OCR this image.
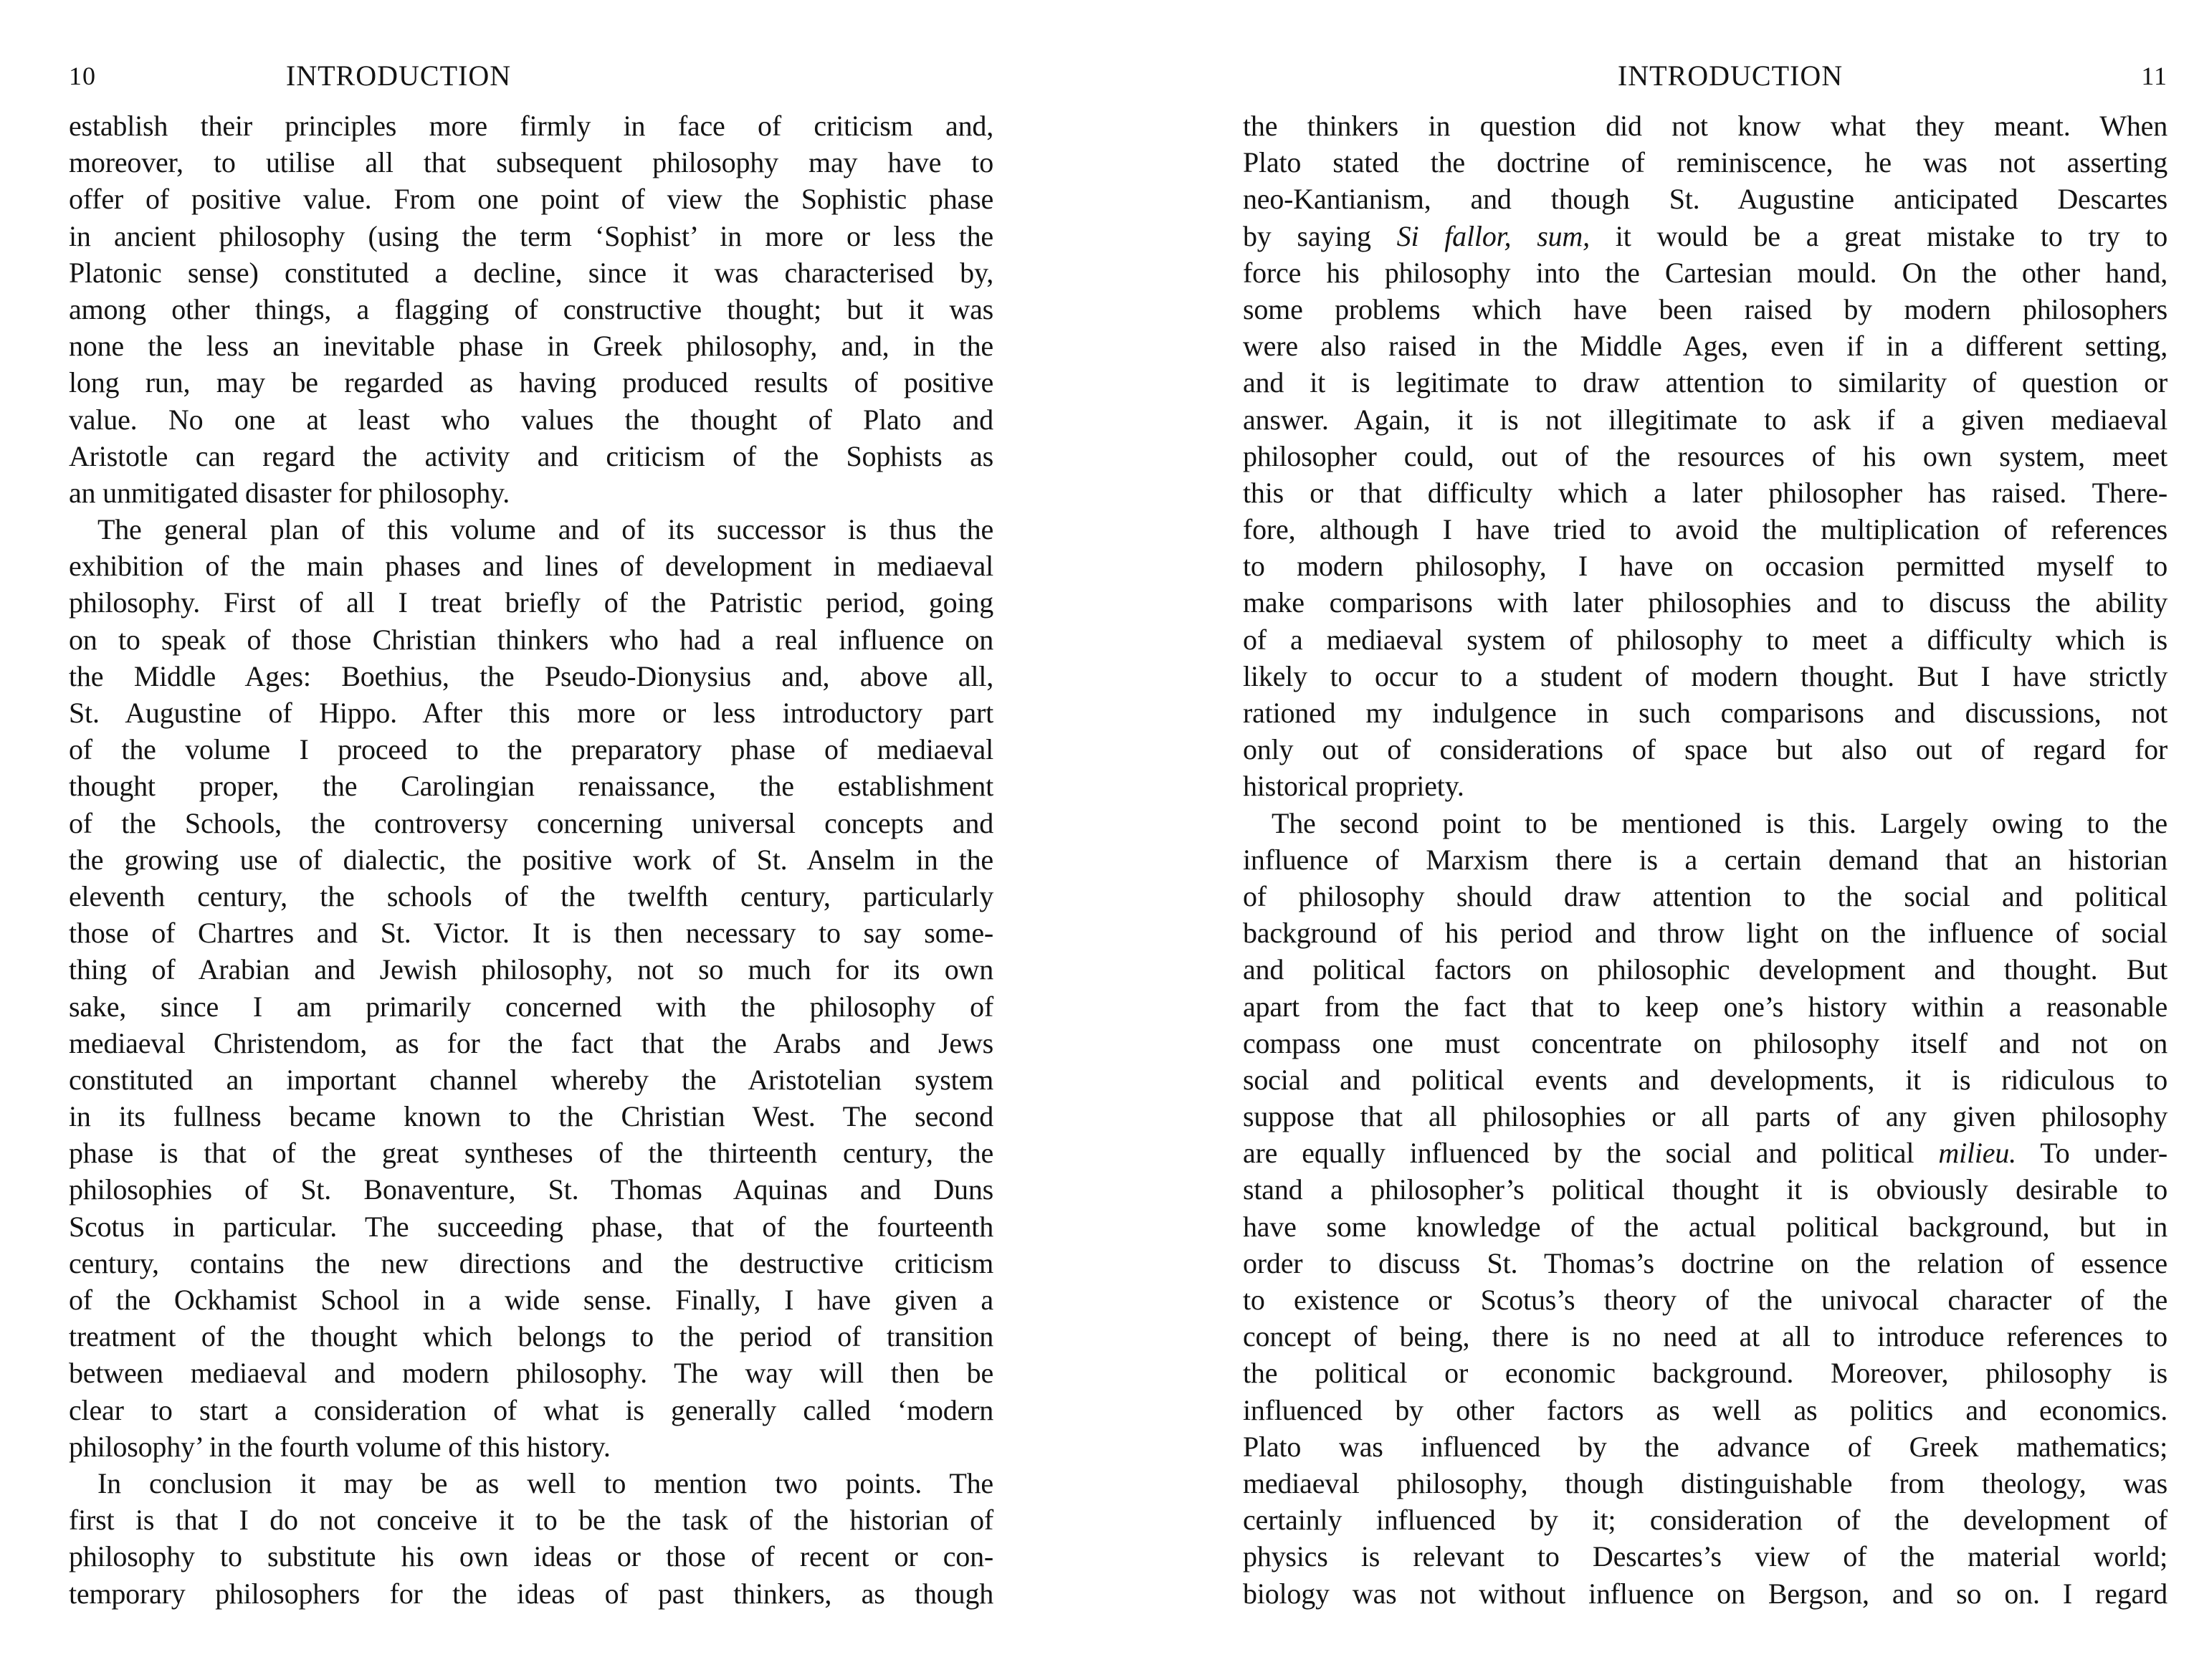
10	INTRODUCTION
establish their principles more firmly in face of criticism and,
moreover, to utilise all that subsequent philosophy may have to
offer of positive value. From one point of view the Sophistic phase
in ancient philosophy (using the term ‘Sophist’ in more or less the
Platonic sense) constituted a decline, since it was characterised by,
among other things, a flagging of constructive thought; but it was
none the less an inevitable phase in Greek philosophy, and, in the
long run, may be regarded as having produced results of positive
value. No one at least who values the thought of Plato and
Aristotle can regard the activity and criticism of the Sophists as
an unmitigated disaster for philosophy.
The general plan of this volume and of its successor is thus the
exhibition of the main phases and lines of development in mediaeval
philosophy. First of all I treat briefly of the Patristic period, going
on to speak of those Christian thinkers who had a real influence on
the Middle Ages: Boethius, the Pseudo-Dionysius and, above all,
St. Augustine of Hippo. After this more or less introductory part
of the volume I proceed to the preparatory phase of mediaeval
thought proper, the Carolingian renaissance, the establishment
of the Schools, the controversy concerning universal concepts and
the growing use of dialectic, the positive work of St. Anselm in the
eleventh century, the schools of the twelfth century, particularly
those of Chartres and St. Victor. It is then necessary to say some-
thing of Arabian and Jewish philosophy, not so much for its own
sake, since I am primarily concerned with the philosophy of
mediaeval Christendom, as for the fact that the Arabs and Jews
constituted an important channel whereby the Aristotelian system
in its fullness became known to the Christian West. The second
phase is that of the great syntheses of the thirteenth century, the
philosophies of St. Bonaventure, St. Thomas Aquinas and Duns
Scotus in particular. The succeeding phase, that of the fourteenth
century, contains the new directions and the destructive criticism
of the Ockhamist School in a wide sense. Finally, I have given a
treatment of the thought which belongs to the period of transition
between mediaeval and modern philosophy. The way will then be
clear to start a consideration of what is generally called ‘modern
philosophy’ in the fourth volume of this history.
In conclusion it may be as well to mention two points. The
first is that I do not conceive it to be the task of the historian of
philosophy to substitute his own ideas or those of recent or con-
temporary philosophers for the ideas of past thinkers, as though
INTRODUCTION	11
the thinkers in question did not know what they meant. When
Plato stated the doctrine of reminiscence, he was not asserting
neo-Kantianism, and though St. Augustine anticipated Descartes
by saying Si fallor, sum, it would be a great mistake to try to
force his philosophy into the Cartesian mould. On the other hand,
some problems which have been raised by modern philosophers
were also raised in the Middle Ages, even if in a different setting,
and it is legitimate to draw attention to similarity of question or
answer. Again, it is not illegitimate to ask if a given mediaeval
philosopher could, out of the resources of his own system, meet
this or that difficulty which a later philosopher has raised. There-
fore, although I have tried to avoid the multiplication of references
to modern philosophy, I have on occasion permitted myself to
make comparisons with later philosophies and to discuss the ability
of a mediaeval system of philosophy to meet a difficulty which is
likely to occur to a student of modern thought. But I have strictly
rationed my indulgence in such comparisons and discussions, not
only out of considerations of space but also out of regard for
historical propriety.
The second point to be mentioned is this. Largely owing to the
influence of Marxism there is a certain demand that an historian
of philosophy should draw attention to the social and political
background of his period and throw light on the influence of social
and political factors on philosophic development and thought. But
apart from the fact that to keep one’s history within a reasonable
compass one must concentrate on philosophy itself and not on
social and political events and developments, it is ridiculous to
suppose that all philosophies or all parts of any given philosophy
are equally influenced by the social and political milieu. To under-
stand a philosopher’s political thought it is obviously desirable to
have some knowledge of the actual political background, but in
order to discuss St. Thomas’s doctrine on the relation of essence
to existence or Scotus’s theory of the univocal character of the
concept of being, there is no need at all to introduce references to
the political or economic background. Moreover, philosophy is
influenced by other factors as well as politics and economics.
Plato was influenced by the advance of Greek mathematics;
mediaeval philosophy, though distinguishable from theology, was
certainly influenced by it; consideration of the development of
physics is relevant to Descartes’s view of the material world;
biology was not without influence on Bergson, and so on. I regard
